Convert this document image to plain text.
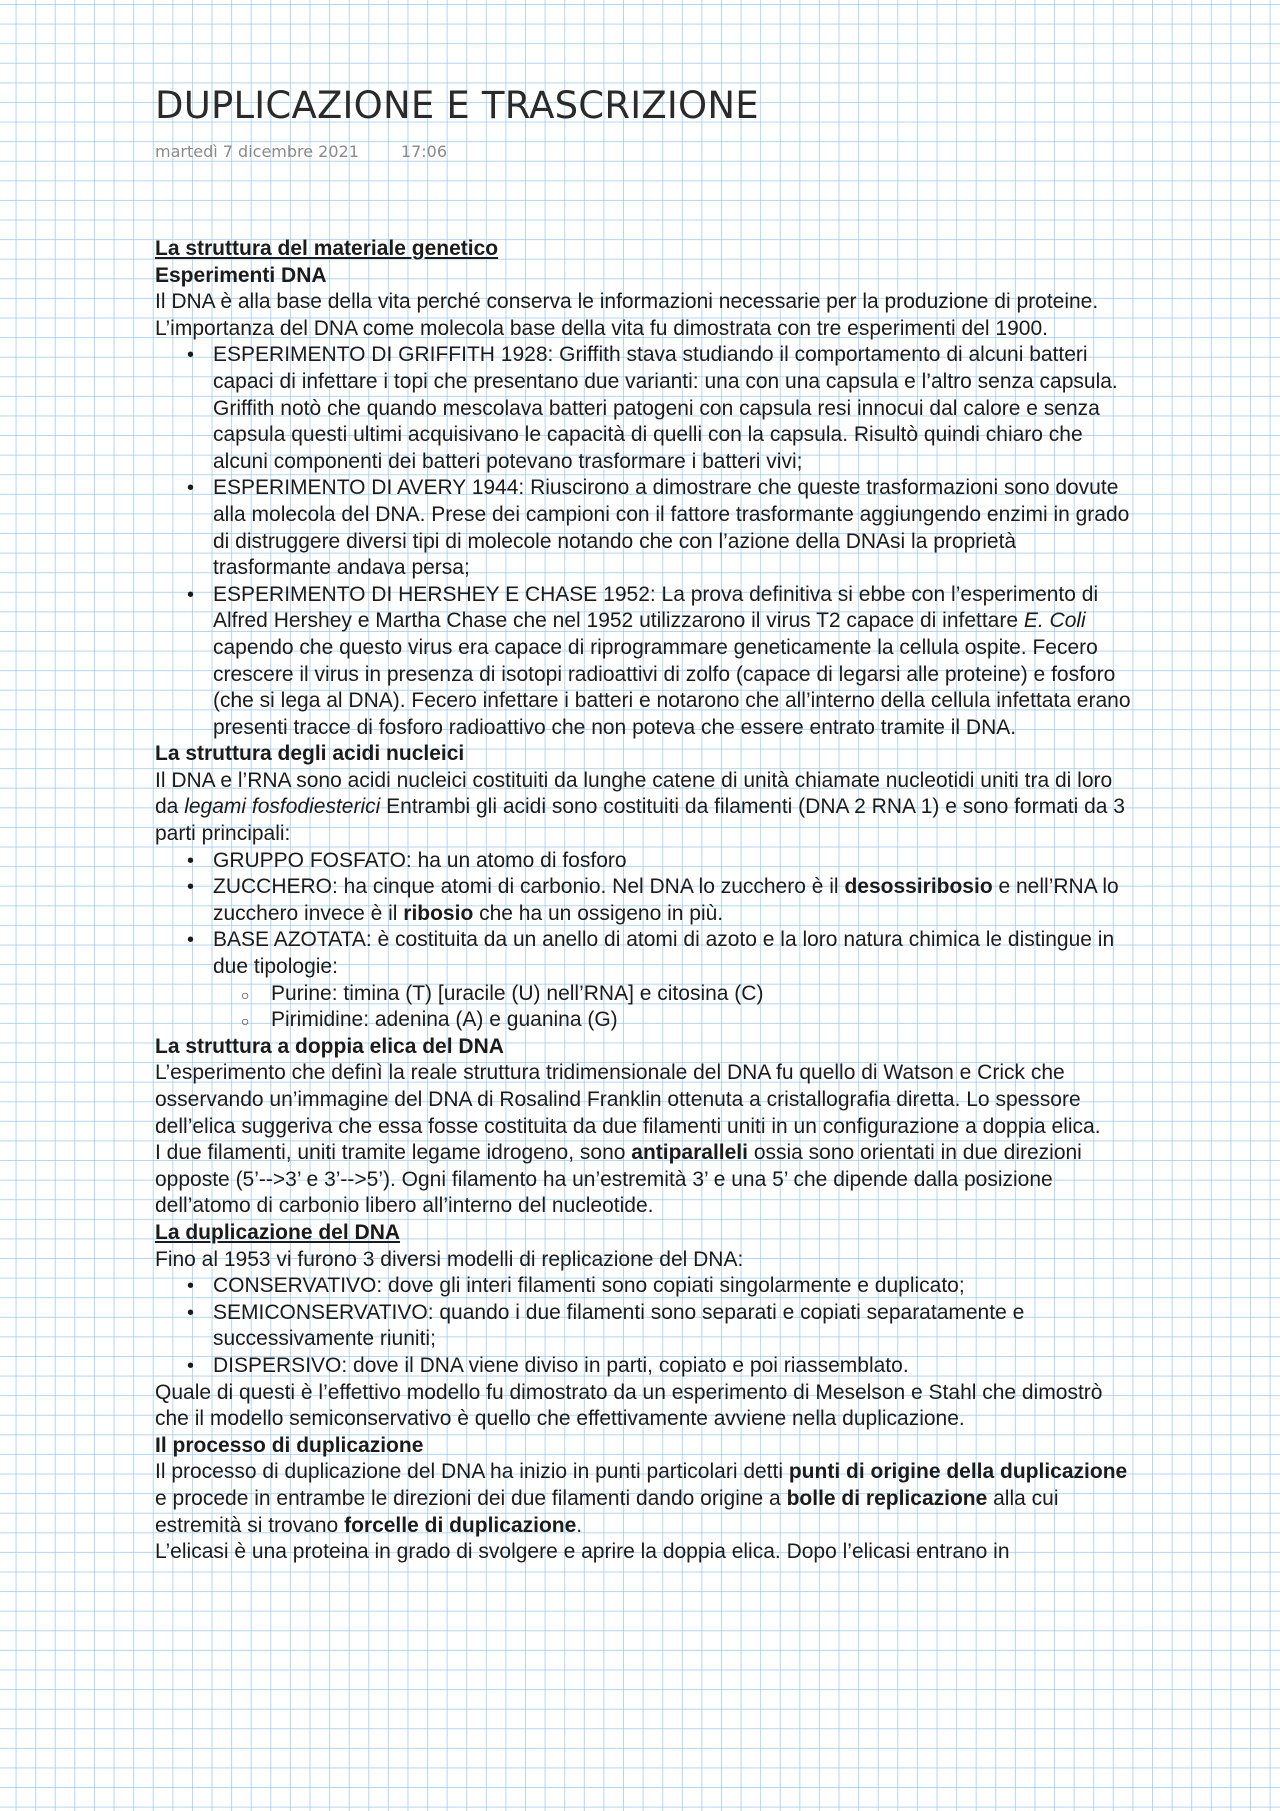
DUPLICAZIONE E TRASCRIZIONE
martedì 7 dicembre 2021	17:06

La struttura del materiale genetico

Esperimenti DNA

Il DNA è alla base della vita perché conserva le informazioni necessarie per la produzione di proteine.

L’importanza del DNA come molecola base della vita fu dimostrata con tre esperimenti del 1900.

• ESPERIMENTO DI GRIFFITH 1928: Griffith stava studiando il comportamento di alcuni batteri capaci di infettare i topi che presentano due varianti: una con una capsula e l’altro senza capsula. Griffith notò che quando mescolava batteri patogeni con capsula resi innocui dal calore e senza capsula questi ultimi acquisivano le capacità di quelli con la capsula. Risultò quindi chiaro che alcuni componenti dei batteri potevano trasformare i batteri vivi;
• ESPERIMENTO DI AVERY 1944: Riuscirono a dimostrare che queste trasformazioni sono dovute alla molecola del DNA. Prese dei campioni con il fattore trasformante aggiungendo enzimi in grado di distruggere diversi tipi di molecole notando che con l’azione della DNAsi la proprietà trasformante andava persa;
• ESPERIMENTO DI HERSHEY E CHASE 1952: La prova definitiva si ebbe con l’esperimento di Alfred Hershey e Martha Chase che nel 1952 utilizzarono il virus T2 capace di infettare E. Coli capendo che questo virus era capace di riprogrammare geneticamente la cellula ospite. Fecero crescere il virus in presenza di isotopi radioattivi di zolfo (capace di legarsi alle proteine) e fosforo (che si lega al DNA). Fecero infettare i batteri e notarono che all’interno della cellula infettata erano presenti tracce di fosforo radioattivo che non poteva che essere entrato tramite il DNA.

La struttura degli acidi nucleici

Il DNA e l’RNA sono acidi nucleici costituiti da lunghe catene di unità chiamate nucleotidi uniti tra di loro da legami fosfodiesterici Entrambi gli acidi sono costituiti da filamenti (DNA 2 RNA 1) e sono formati da 3 parti principali:

• GRUPPO FOSFATO: ha un atomo di fosforo
• ZUCCHERO: ha cinque atomi di carbonio. Nel DNA lo zucchero è il desossiribosio e nell’RNA lo zucchero invece è il ribosio che ha un ossigeno in più.
• BASE AZOTATA: è costituita da un anello di atomi di azoto e la loro natura chimica le distingue in due tipologie:
○ Purine: timina (T) [uracile (U) nell’RNA] e citosina (C)
○ Pirimidine: adenina (A) e guanina (G)

La struttura a doppia elica del DNA

L’esperimento che definì la reale struttura tridimensionale del DNA fu quello di Watson e Crick che osservando un’immagine del DNA di Rosalind Franklin ottenuta a cristallografia diretta. Lo spessore dell’elica suggeriva che essa fosse costituita da due filamenti uniti in un configurazione a doppia elica.

I due filamenti, uniti tramite legame idrogeno, sono antiparalleli ossia sono orientati in due direzioni opposte (5’-->3’ e 3’-->5’). Ogni filamento ha un’estremità 3’ e una 5’ che dipende dalla posizione dell’atomo di carbonio libero all’interno del nucleotide.

La duplicazione del DNA

Fino al 1953 vi furono 3 diversi modelli di replicazione del DNA:

• CONSERVATIVO: dove gli interi filamenti sono copiati singolarmente e duplicato;
• SEMICONSERVATIVO: quando i due filamenti sono separati e copiati separatamente e successivamente riuniti;
• DISPERSIVO: dove il DNA viene diviso in parti, copiato e poi riassemblato.

Quale di questi è l’effettivo modello fu dimostrato da un esperimento di Meselson e Stahl che dimostrò che il modello semiconservativo è quello che effettivamente avviene nella duplicazione.

Il processo di duplicazione

Il processo di duplicazione del DNA ha inizio in punti particolari detti punti di origine della duplicazione e procede in entrambe le direzioni dei due filamenti dando origine a bolle di replicazione alla cui estremità si trovano forcelle di duplicazione.

L’elicasi è una proteina in grado di svolgere e aprire la doppia elica. Dopo l’elicasi entrano in
